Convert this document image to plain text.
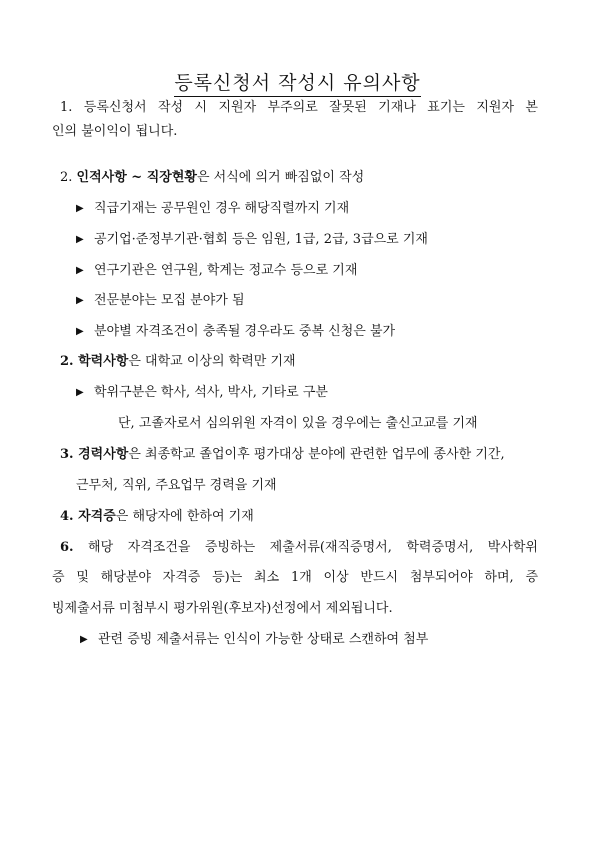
등록신청서 작성시 유의사항
1. 등록신청서 작성 시 지원자 부주의로 잘못된 기재나 표기는 지원자 본
인의 불이익이 됩니다.
2. 인적사항 ~ 직장현황은 서식에 의거 빠짐없이 작성
▶ 직급기재는 공무원인 경우 해당직렬까지 기재
▶ 공기업·준정부기관·협회 등은 임원, 1급, 2급, 3급으로 기재
▶ 연구기관은 연구원, 학계는 정교수 등으로 기재
▶ 전문분야는 모집 분야가 됨
▶ 분야별 자격조건이 충족될 경우라도 중복 신청은 불가
2. 학력사항은 대학교 이상의 학력만 기재
▶ 학위구분은 학사, 석사, 박사, 기타로 구분
단, 고졸자로서 심의위원 자격이 있을 경우에는 출신고교를 기재
3. 경력사항은 최종학교 졸업이후 평가대상 분야에 관련한 업무에 종사한 기간,
근무처, 직위, 주요업무 경력을 기재
4. 자격증은 해당자에 한하여 기재
6. 해당 자격조건을 증빙하는 제출서류(재직증명서, 학력증명서, 박사학위
증 및 해당분야 자격증 등)는 최소 1개 이상 반드시 첨부되어야 하며, 증
빙제출서류 미첨부시 평가위원(후보자)선정에서 제외됩니다.
▶ 관련 증빙 제출서류는 인식이 가능한 상태로 스캔하여 첨부
